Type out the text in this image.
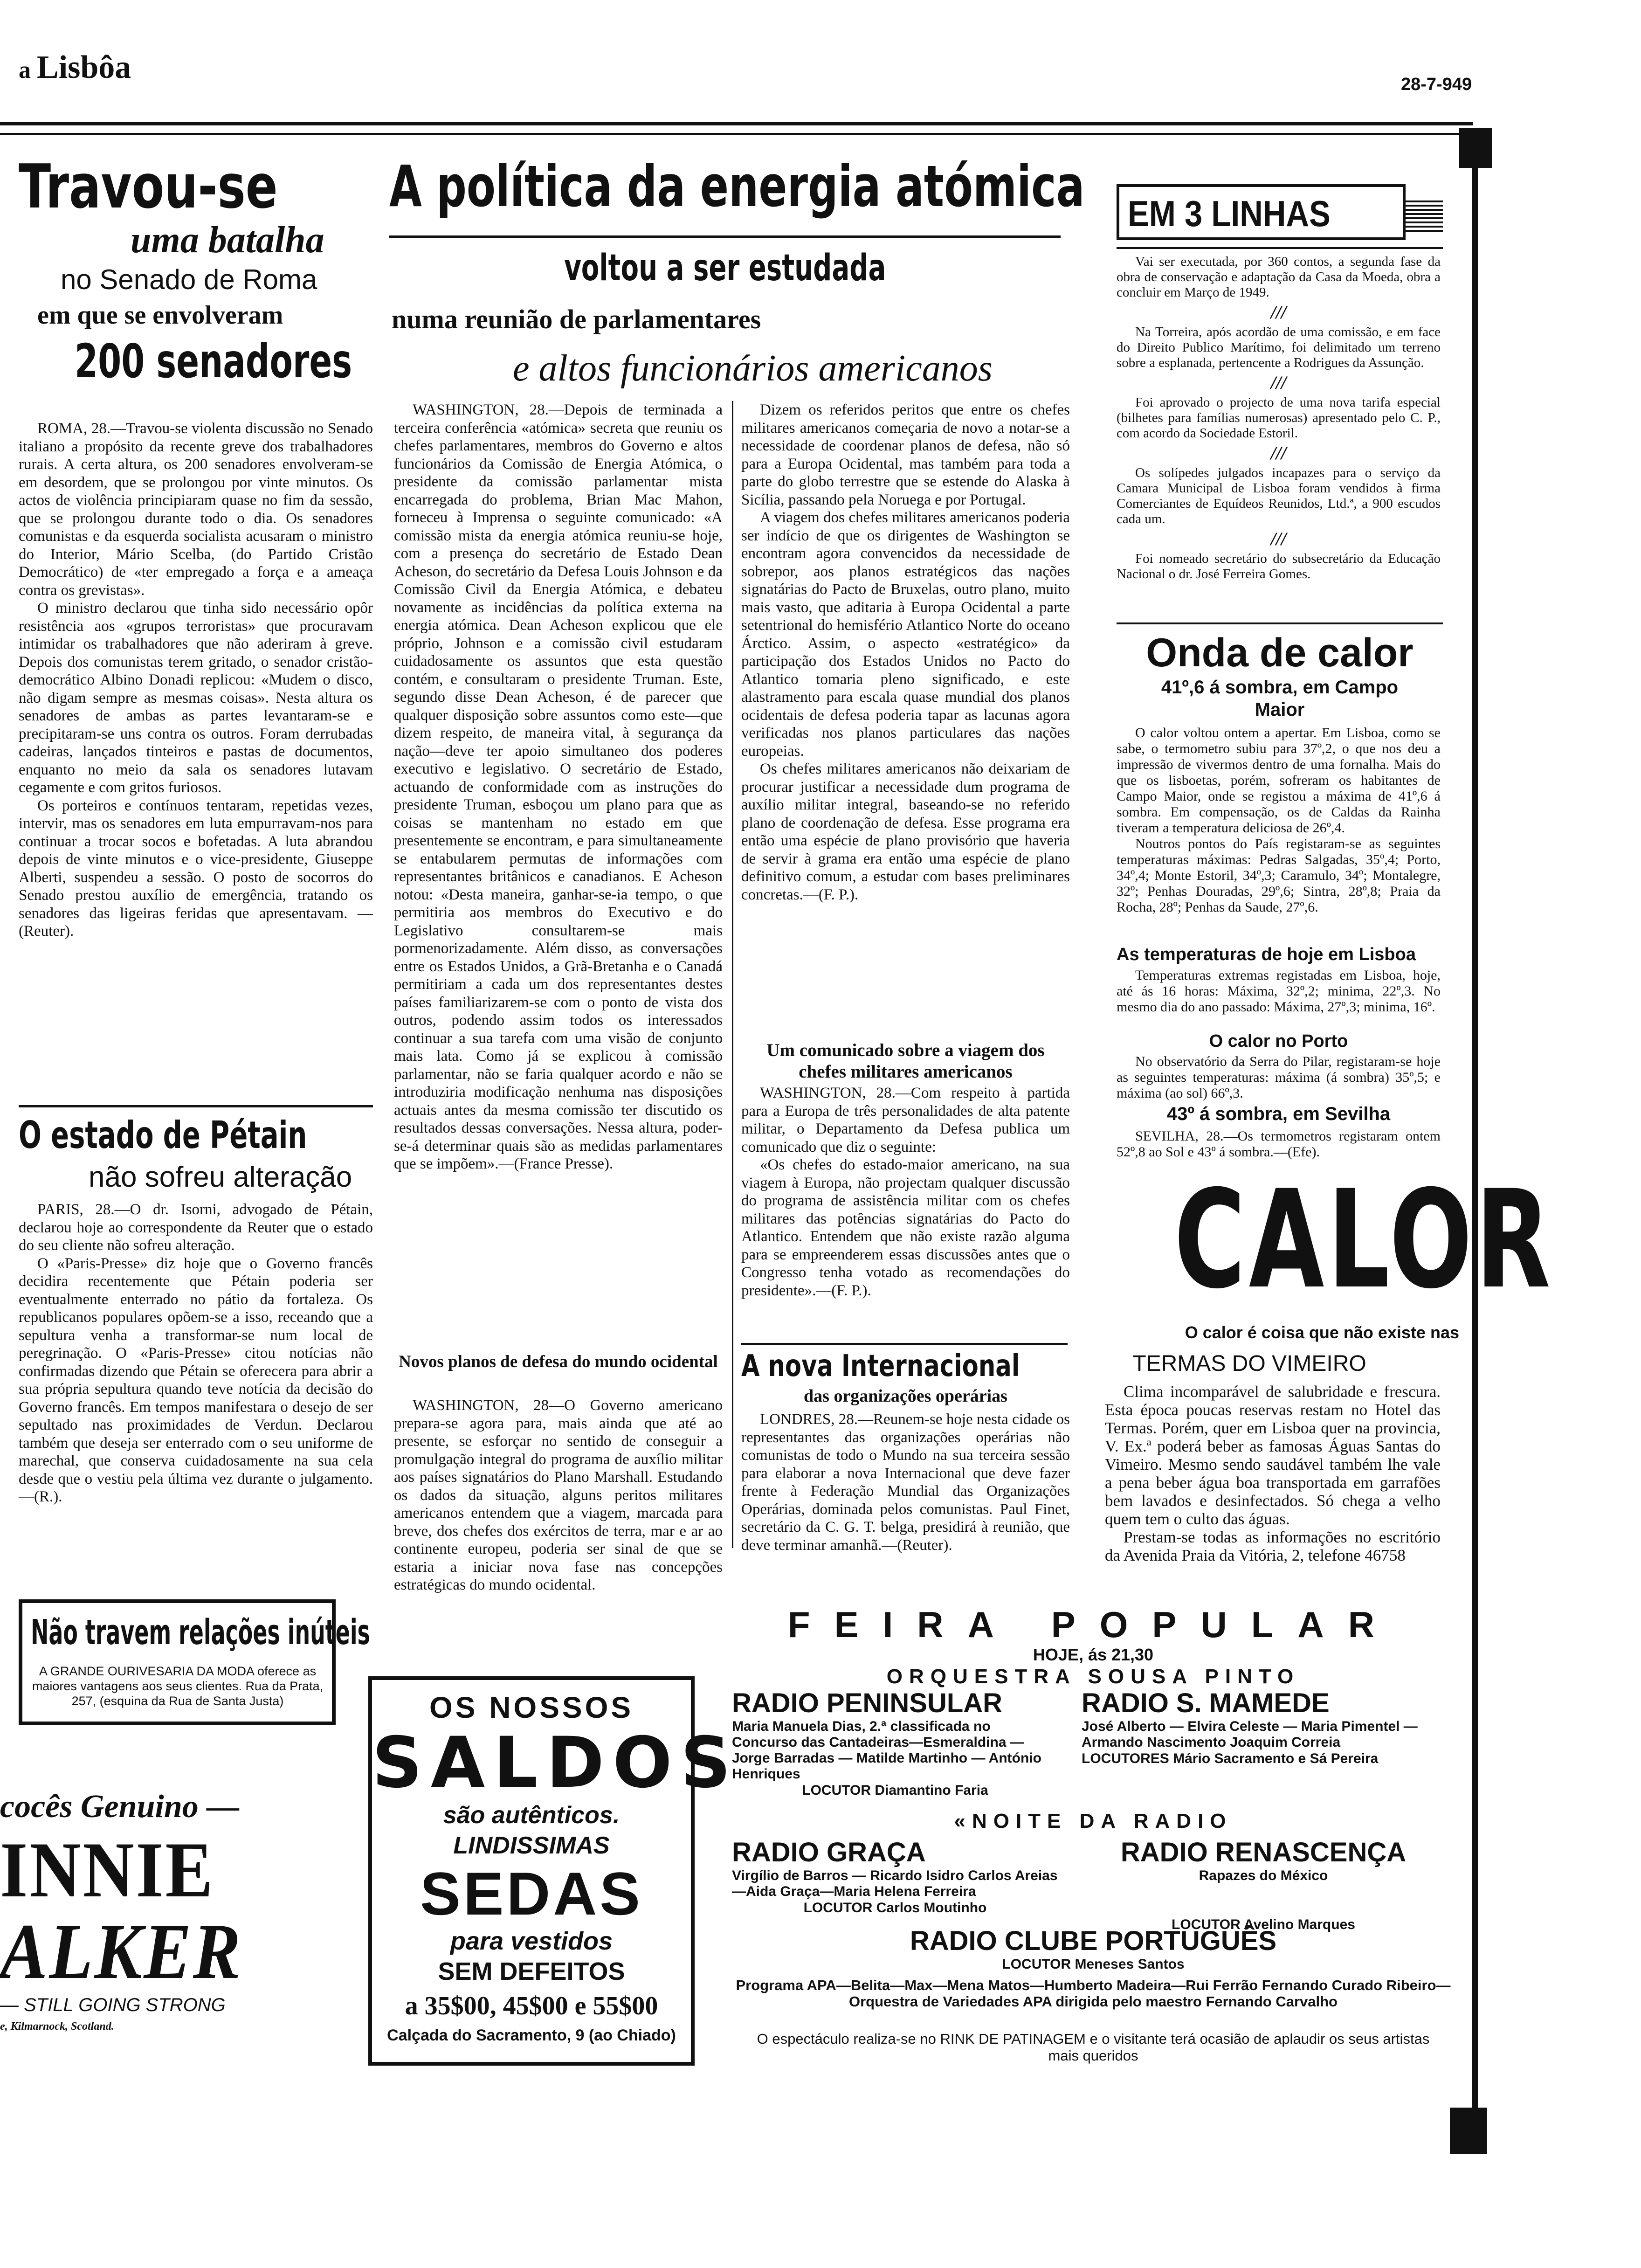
a Lisbôa	28-7-949
Travou-se
uma batalha
no Senado de Roma
em que se envolveram
200 senadores

ROMA, 28.—Travou-se violenta discussão no Senado italiano a propósito da recente greve dos trabalhadores rurais. A certa altura, os 200 senadores envolveram-se em desordem, que se prolongou por vinte minutos. Os actos de violência principiaram quase no fim da sessão, que se prolongou durante todo o dia. Os senadores comunistas e da esquerda socialista acusaram o ministro do Interior, Mário Scelba, (do Partido Cristão Democrático) de «ter empregado a força e a ameaça contra os grevistas».

O ministro declarou que tinha sido necessário opôr resistência aos «grupos terroristas» que procuravam intimidar os trabalhadores que não aderiram à greve. Depois dos comunistas terem gritado, o senador cristão-democrático Albino Donadi replicou: «Mudem o disco, não digam sempre as mesmas coisas». Nesta altura os senadores de ambas as partes levantaram-se e precipitaram-se uns contra os outros. Foram derrubadas cadeiras, lançados tinteiros e pastas de documentos, enquanto no meio da sala os senadores lutavam cegamente e com gritos furiosos.

Os porteiros e contínuos tentaram, repetidas vezes, intervir, mas os senadores em luta empurravam-nos para continuar a trocar socos e bofetadas. A luta abrandou depois de vinte minutos e o vice-presidente, Giuseppe Alberti, suspendeu a sessão. O posto de socorros do Senado prestou auxílio de emergência, tratando os senadores das ligeiras feridas que apresentavam. —(Reuter).

O estado de Pétain
não sofreu alteração

PARIS, 28.—O dr. Isorni, advogado de Pétain, declarou hoje ao correspondente da Reuter que o estado do seu cliente não sofreu alteração.

O «Paris-Presse» diz hoje que o Governo francês decidira recentemente que Pétain poderia ser eventualmente enterrado no pátio da fortaleza. Os republicanos populares opõem-se a isso, receando que a sepultura venha a transformar-se num local de peregrinação. O «Paris-Presse» citou notícias não confirmadas dizendo que Pétain se oferecera para abrir a sua própria sepultura quando teve notícia da decisão do Governo francês. Em tempos manifestara o desejo de ser sepultado nas proximidades de Verdun. Declarou também que deseja ser enterrado com o seu uniforme de marechal, que conserva cuidadosamente na sua cela desde que o vestiu pela última vez durante o julgamento.—(R.).

Não travem relações inúteis
A GRANDE OURIVESARIA DA MODA oferece as maiores vantagens aos seus clientes. Rua da Prata, 257, (esquina da Rua de Santa Justa)
cocês Genuino —
INNIE
ALKER
— STILL GOING STRONG
e, Kilmarnock, Scotland.
A política da energia atómica
voltou a ser estudada
numa reunião de parlamentares
e altos funcionários americanos

WASHINGTON, 28.—Depois de terminada a terceira conferência «atómica» secreta que reuniu os chefes parlamentares, membros do Governo e altos funcionários da Comissão de Energia Atómica, o presidente da comissão parlamentar mista encarregada do problema, Brian Mac Mahon, forneceu à Imprensa o seguinte comunicado: «A comissão mista da energia atómica reuniu-se hoje, com a presença do secretário de Estado Dean Acheson, do secretário da Defesa Louis Johnson e da Comissão Civil da Energia Atómica, e debateu novamente as incidências da política externa na energia atómica. Dean Acheson explicou que ele próprio, Johnson e a comissão civil estudaram cuidadosamente os assuntos que esta questão contém, e consultaram o presidente Truman. Este, segundo disse Dean Acheson, é de parecer que qualquer disposição sobre assuntos como este—que dizem respeito, de maneira vital, à segurança da nação—deve ter apoio simultaneo dos poderes executivo e legislativo. O secretário de Estado, actuando de conformidade com as instruções do presidente Truman, esboçou um plano para que as coisas se mantenham no estado em que presentemente se encontram, e para simultaneamente se entabularem permutas de informações com representantes britânicos e canadianos. E Acheson notou: «Desta maneira, ganhar-se-ia tempo, o que permitiria aos membros do Executivo e do Legislativo consultarem-se mais pormenorizadamente. Além disso, as conversações entre os Estados Unidos, a Grã-Bretanha e o Canadá permitiriam a cada um dos representantes destes países familiarizarem-se com o ponto de vista dos outros, podendo assim todos os interessados continuar a sua tarefa com uma visão de conjunto mais lata. Como já se explicou à comissão parlamentar, não se faria qualquer acordo e não se introduziria modificação nenhuma nas disposições actuais antes da mesma comissão ter discutido os resultados dessas conversações. Nessa altura, poder-se-á determinar quais são as medidas parlamentares que se impõem».—(France Presse).

Novos planos de defesa do mundo ocidental

WASHINGTON, 28—O Governo americano prepara-se agora para, mais ainda que até ao presente, se esforçar no sentido de conseguir a promulgação integral do programa de auxílio militar aos países signatários do Plano Marshall. Estudando os dados da situação, alguns peritos militares americanos entendem que a viagem, marcada para breve, dos chefes dos exércitos de terra, mar e ar ao continente europeu, poderia ser sinal de que se estaria a iniciar nova fase nas concepções estratégicas do mundo ocidental.

Dizem os referidos peritos que entre os chefes militares americanos começaria de novo a notar-se a necessidade de coordenar planos de defesa, não só para a Europa Ocidental, mas também para toda a parte do globo terrestre que se estende do Alaska à Sicília, passando pela Noruega e por Portugal.

A viagem dos chefes militares americanos poderia ser indício de que os dirigentes de Washington se encontram agora convencidos da necessidade de sobrepor, aos planos estratégicos das nações signatárias do Pacto de Bruxelas, outro plano, muito mais vasto, que aditaria à Europa Ocidental a parte setentrional do hemisfério Atlantico Norte do oceano Árctico. Assim, o aspecto «estratégico» da participação dos Estados Unidos no Pacto do Atlantico tomaria pleno significado, e este alastramento para escala quase mundial dos planos ocidentais de defesa poderia tapar as lacunas agora verificadas nos planos particulares das nações europeias.

Os chefes militares americanos não deixariam de procurar justificar a necessidade dum programa de auxílio militar integral, baseando-se no referido plano de coordenação de defesa. Esse programa era então uma espécie de plano provisório que haveria de servir à grama era então uma espécie de plano definitivo comum, a estudar com bases preliminares concretas.—(F. P.).

Um comunicado sobre a viagem dos chefes militares americanos

WASHINGTON, 28.—Com respeito à partida para a Europa de três personalidades de alta patente militar, o Departamento da Defesa publica um comunicado que diz o seguinte:

«Os chefes do estado-maior americano, na sua viagem à Europa, não projectam qualquer discussão do programa de assistência militar com os chefes militares das potências signatárias do Pacto do Atlantico. Entendem que não existe razão alguma para se empreenderem essas discussões antes que o Congresso tenha votado as recomendações do presidente».—(F. P.).

A nova Internacional
das organizações operárias

LONDRES, 28.—Reunem-se hoje nesta cidade os representantes das organizações operárias não comunistas de todo o Mundo na sua terceira sessão para elaborar a nova Internacional que deve fazer frente à Federação Mundial das Organizações Operárias, dominada pelos comunistas. Paul Finet, secretário da C. G. T. belga, presidirá à reunião, que deve terminar amanhã.—(Reuter).

OS NOSSOS
SALDOS
são autênticos.
LINDISSIMAS
SEDAS
para vestidos
SEM DEFEITOS
a 35$00, 45$00 e 55$00
Calçada do Sacramento, 9 (ao Chiado)
EM 3 LINHAS

Vai ser executada, por 360 contos, a segunda fase da obra de conservação e adaptação da Casa da Moeda, obra a concluir em Março de 1949.

///

Na Torreira, após acordão de uma comissão, e em face do Direito Publico Marítimo, foi delimitado um terreno sobre a esplanada, pertencente a Rodrigues da Assunção.

///

Foi aprovado o projecto de uma nova tarifa especial (bilhetes para famílias numerosas) apresentado pelo C. P., com acordo da Sociedade Estoril.

///

Os solípedes julgados incapazes para o serviço da Camara Municipal de Lisboa foram vendidos à firma Comerciantes de Equídeos Reunidos, Ltd.ª, a 900 escudos cada um.

///

Foi nomeado secretário do subsecretário da Educação Nacional o dr. José Ferreira Gomes.

Onda de calor
41º,6 á sombra, em Campo Maior

O calor voltou ontem a apertar. Em Lisboa, como se sabe, o termometro subiu para 37º,2, o que nos deu a impressão de vivermos dentro de uma fornalha. Mais do que os lisboetas, porém, sofreram os habitantes de Campo Maior, onde se registou a máxima de 41º,6 á sombra. Em compensação, os de Caldas da Rainha tiveram a temperatura deliciosa de 26º,4.

Noutros pontos do País registaram-se as seguintes temperaturas máximas: Pedras Salgadas, 35º,4; Porto, 34º,4; Monte Estoril, 34º,3; Caramulo, 34º; Montalegre, 32º; Penhas Douradas, 29º,6; Sintra, 28º,8; Praia da Rocha, 28º; Penhas da Saude, 27º,6.

As temperaturas de hoje em Lisboa

Temperaturas extremas registadas em Lisboa, hoje, até ás 16 horas: Máxima, 32º,2; minima, 22º,3. No mesmo dia do ano passado: Máxima, 27º,3; minima, 16º.

O calor no Porto

No observatório da Serra do Pilar, registaram-se hoje as seguintes temperaturas: máxima (á sombra) 35º,5; e máxima (ao sol) 66º,3.

43º á sombra, em Sevilha

SEVILHA, 28.—Os termometros registaram ontem 52º,8 ao Sol e 43º á sombra.—(Efe).

CALOR
O calor é coisa que não existe nas
TERMAS DO VIMEIRO

Clima incomparável de salubridade e frescura. Esta época poucas reservas restam no Hotel das Termas. Porém, quer em Lisboa quer na provincia, V. Ex.ª poderá beber as famosas Águas Santas do Vimeiro. Mesmo sendo saudável também lhe vale a pena beber água boa transportada em garrafões bem lavados e desinfectados. Só chega a velho quem tem o culto das águas.

Prestam-se todas as informações no escritório da Avenida Praia da Vitória, 2, telefone 46758

FEIRA POPULAR
HOJE, ás 21,30
ORQUESTRA SOUSA PINTO
RADIO PENINSULAR
Maria Manuela Dias, 2.ª classificada no Concurso das Cantadeiras—Esmeraldina — Jorge Barradas — Matilde Martinho — António Henriques
LOCUTOR Diamantino Faria
RADIO S. MAMEDE
José Alberto — Elvira Celeste — Maria Pimentel — Armando Nascimento Joaquim Correia
LOCUTORES Mário Sacramento e Sá Pereira
«NOITE DA RADIO
RADIO GRAÇA
Virgílio de Barros — Ricardo Isidro Carlos Areias—Aida Graça—Maria Helena Ferreira
LOCUTOR Carlos Moutinho
RADIO RENASCENÇA
Rapazes do México
LOCUTOR Avelino Marques
RADIO CLUBE PORTUGUÊS
LOCUTOR Meneses Santos
Programa APA—Belita—Max—Mena Matos—Humberto Madeira—Rui Ferrão Fernando Curado Ribeiro—Orquestra de Variedades APA dirigida pelo maestro Fernando Carvalho
O espectáculo realiza-se no RINK DE PATINAGEM e o visitante terá ocasião de aplaudir os seus artistas mais queridos
